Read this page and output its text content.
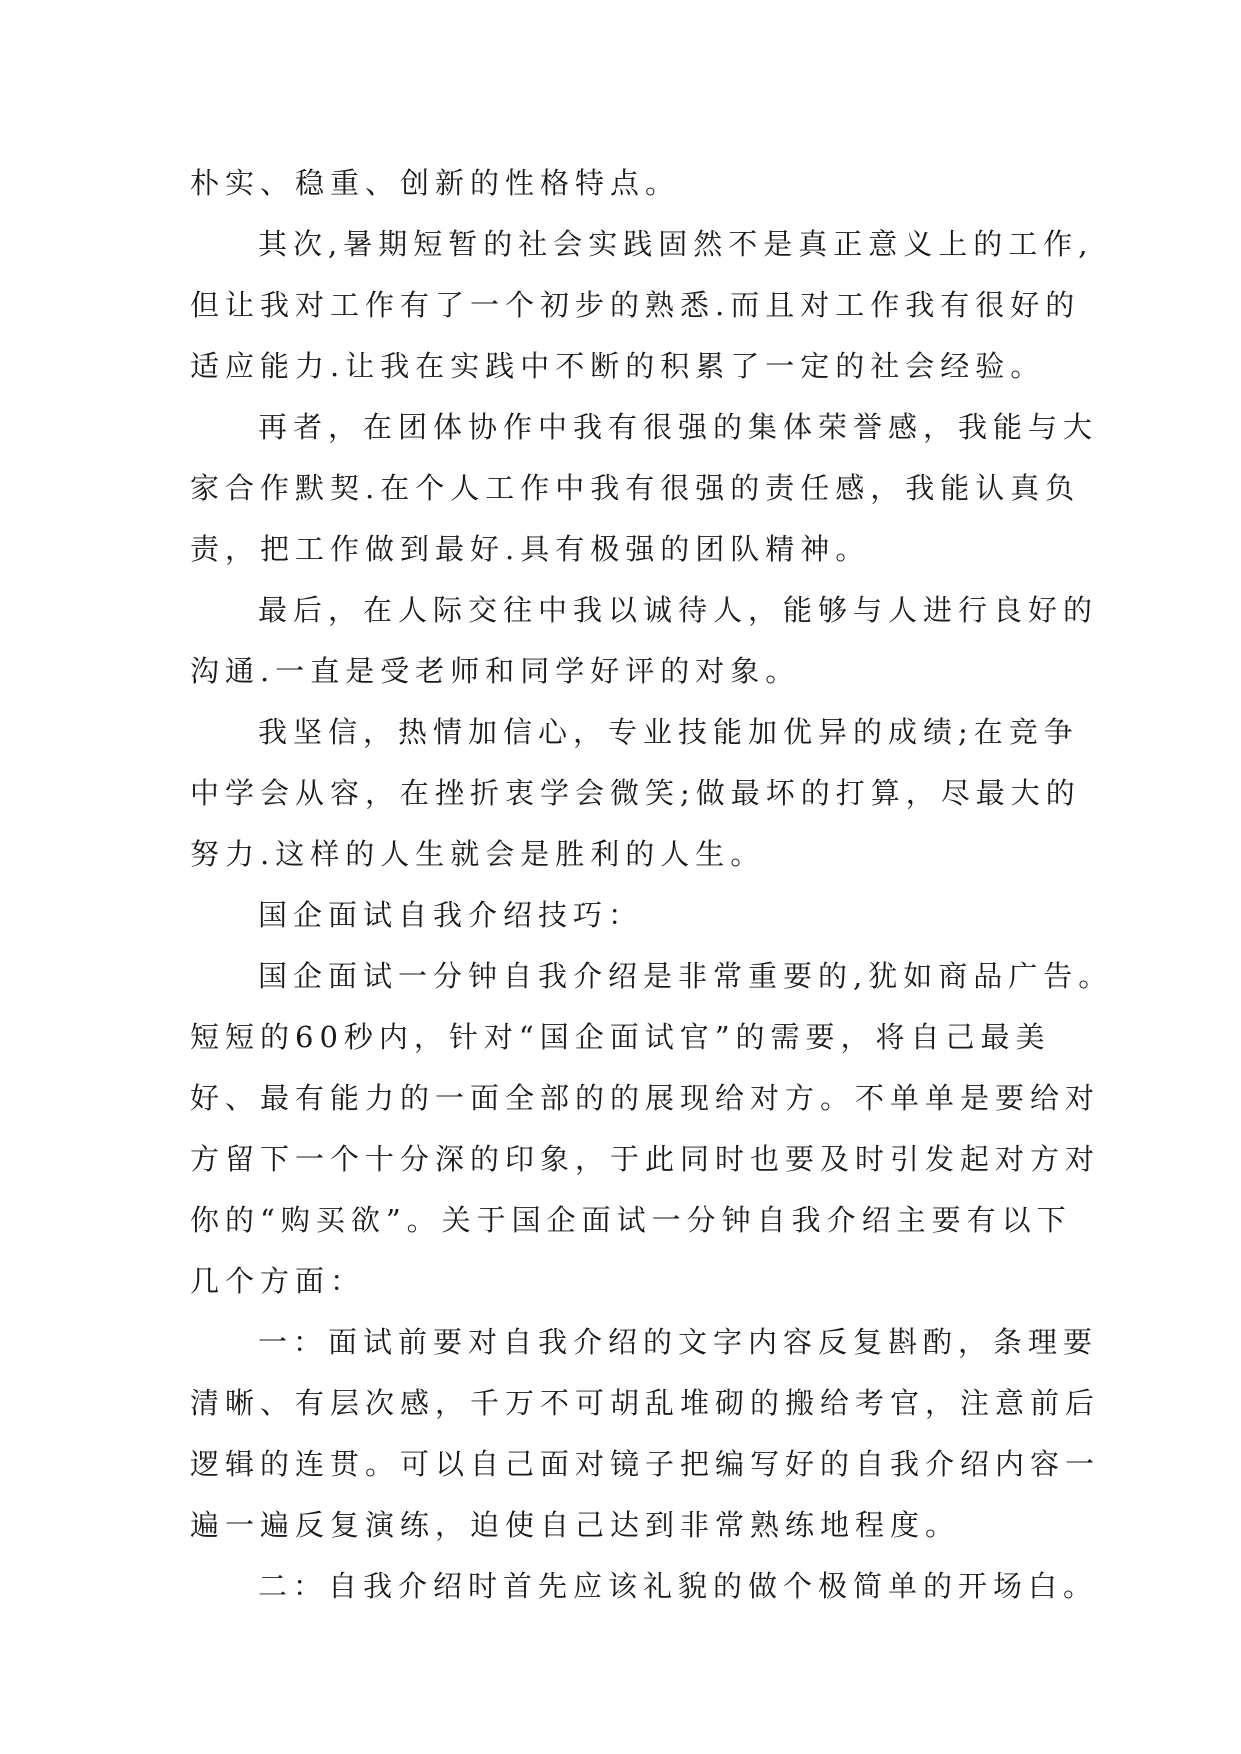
朴实、稳重、创新的性格特点。
其次,暑期短暂的社会实践固然不是真正意义上的工作,
但让我对工作有了一个初步的熟悉.而且对工作我有很好的
适应能力.让我在实践中不断的积累了一定的社会经验。
再者，在团体协作中我有很强的集体荣誉感，我能与大
家合作默契.在个人工作中我有很强的责任感，我能认真负
责，把工作做到最好.具有极强的团队精神。
最后，在人际交往中我以诚待人，能够与人进行良好的
沟通.一直是受老师和同学好评的对象。
我坚信，热情加信心，专业技能加优异的成绩;在竞争
中学会从容，在挫折衷学会微笑;做最坏的打算，尽最大的
努力.这样的人生就会是胜利的人生。
国企面试自我介绍技巧：
国企面试一分钟自我介绍是非常重要的,犹如商品广告。
短短的60秒内，针对“国企面试官”的需要，将自己最美
好、最有能力的一面全部的的展现给对方。不单单是要给对
方留下一个十分深的印象，于此同时也要及时引发起对方对
你的“购买欲”。关于国企面试一分钟自我介绍主要有以下
几个方面：
一：面试前要对自我介绍的文字内容反复斟酌，条理要
清晰、有层次感，千万不可胡乱堆砌的搬给考官，注意前后
逻辑的连贯。可以自己面对镜子把编写好的自我介绍内容一
遍一遍反复演练，迫使自己达到非常熟练地程度。
二：自我介绍时首先应该礼貌的做个极简单的开场白。
